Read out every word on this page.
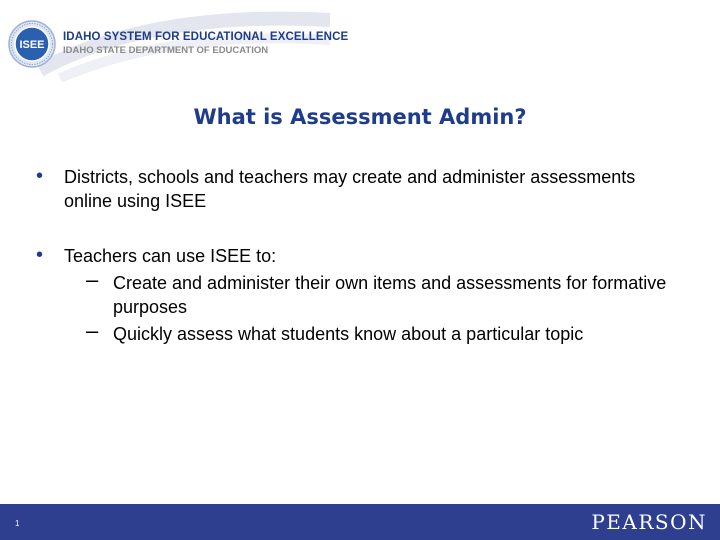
ISEE
IDAHO SYSTEM FOR EDUCATIONAL EXCELLENCE
IDAHO STATE DEPARTMENT OF EDUCATION
What is Assessment Admin?
• Districts, schools and teachers may create and administer assessments online using ISEE
• Teachers can use ISEE to:
– Create and administer their own items and assessments for formative purposes
– Quickly assess what students know about a particular topic
1	PEARSON
